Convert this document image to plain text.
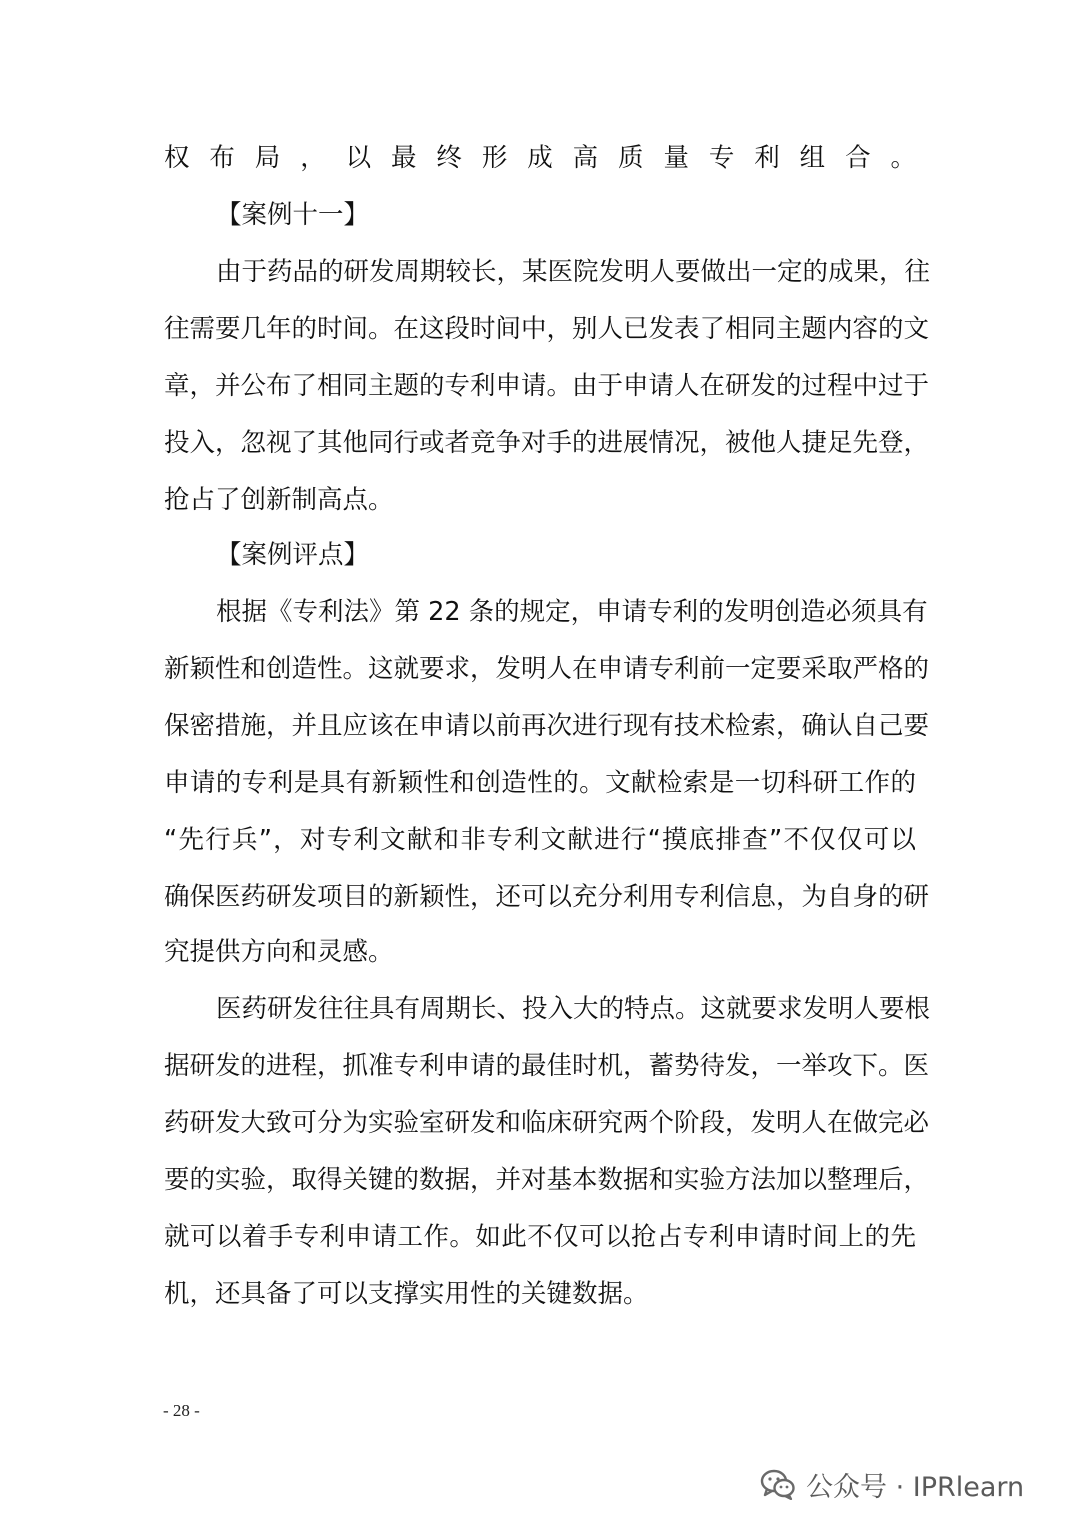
权布局，以最终形成高质量专利组合。
【案例十一】
由于药品的研发周期较长，某医院发明人要做出一定的成果，往
往需要几年的时间。在这段时间中，别人已发表了相同主题内容的文
章，并公布了相同主题的专利申请。由于申请人在研发的过程中过于
投入，忽视了其他同行或者竞争对手的进展情况，被他人捷足先登，
抢占了创新制高点。
【案例评点】
根据《专利法》第 22 条的规定，申请专利的发明创造必须具有
新颖性和创造性。这就要求，发明人在申请专利前一定要采取严格的
保密措施，并且应该在申请以前再次进行现有技术检索，确认自己要
申请的专利是具有新颖性和创造性的。文献检索是一切科研工作的
“先行兵”，对专利文献和非专利文献进行“摸底排查”不仅仅可以
确保医药研发项目的新颖性，还可以充分利用专利信息，为自身的研
究提供方向和灵感。
医药研发往往具有周期长、投入大的特点。这就要求发明人要根
据研发的进程，抓准专利申请的最佳时机，蓄势待发，一举攻下。医
药研发大致可分为实验室研发和临床研究两个阶段，发明人在做完必
要的实验，取得关键的数据，并对基本数据和实验方法加以整理后，
就可以着手专利申请工作。如此不仅可以抢占专利申请时间上的先
机，还具备了可以支撑实用性的关键数据。
- 28 -
公众号 · IPRlearn
